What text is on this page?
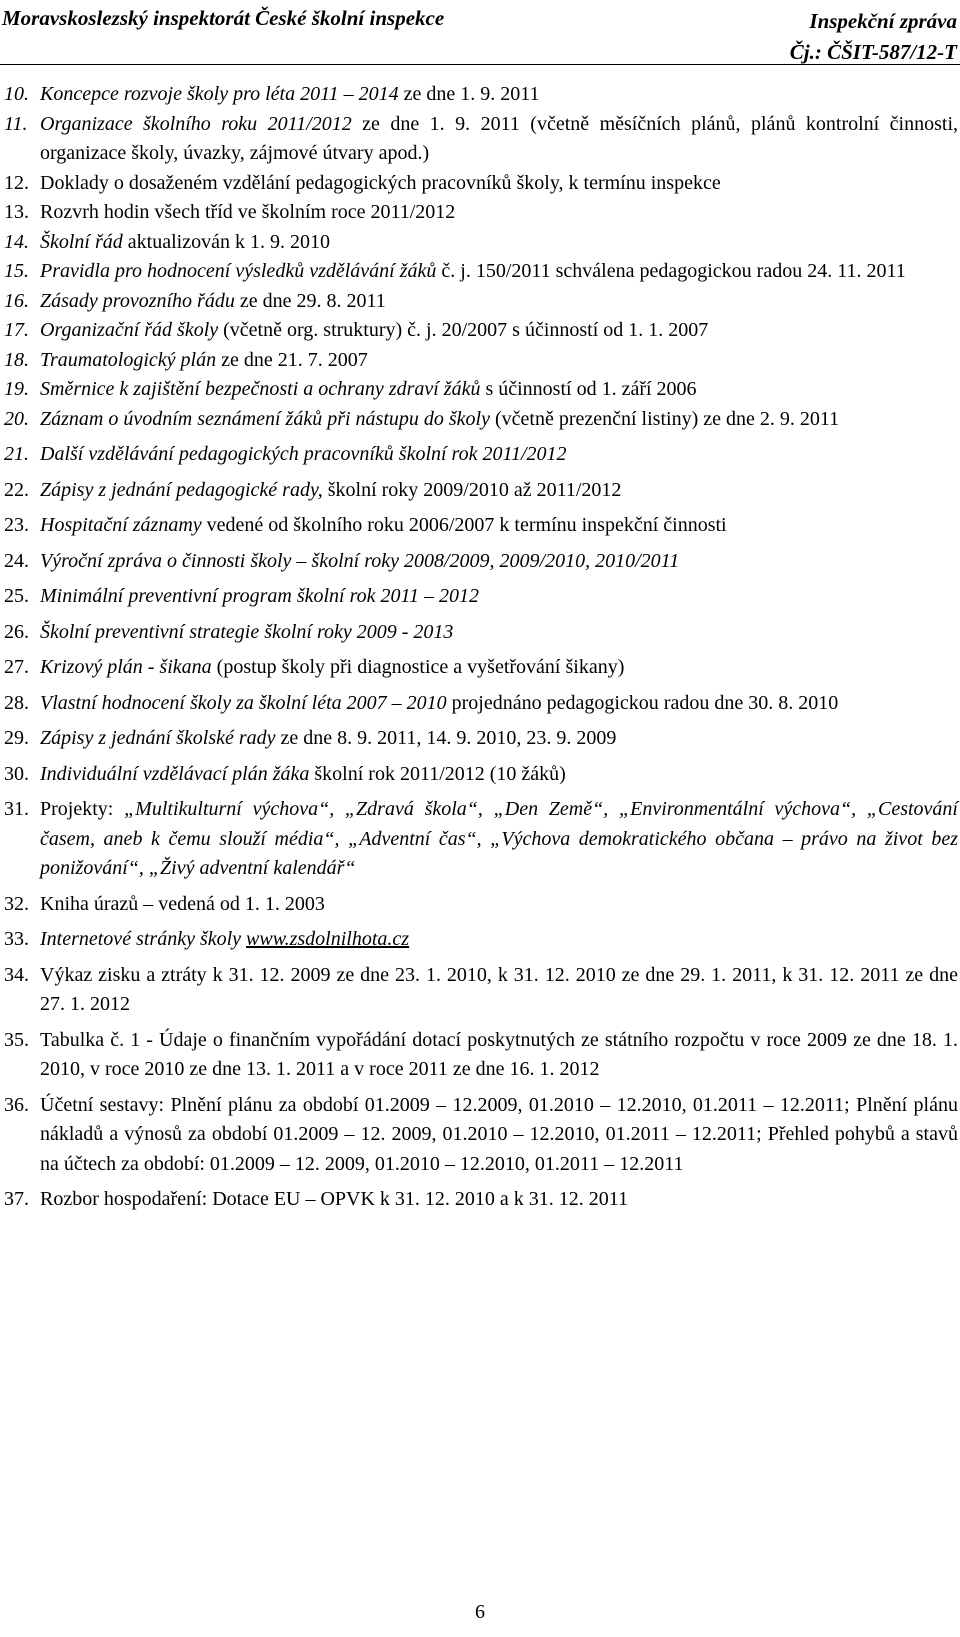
Moravskoslezský inspektorát České školní inspekce	Inspekční zpráva
Čj.: ČŠIT-587/12-T
10. Koncepce rozvoje školy pro léta 2011 – 2014 ze dne 1. 9. 2011
11. Organizace školního roku 2011/2012 ze dne 1. 9. 2011 (včetně měsíčních plánů, plánů kontrolní činnosti, organizace školy, úvazky, zájmové útvary apod.)
12. Doklady o dosaženém vzdělání pedagogických pracovníků školy, k termínu inspekce
13. Rozvrh hodin všech tříd ve školním roce 2011/2012
14. Školní řád aktualizován k 1. 9. 2010
15. Pravidla pro hodnocení výsledků vzdělávání žáků č. j. 150/2011 schválena pedagogickou radou 24. 11. 2011
16. Zásady provozního řádu ze dne 29. 8. 2011
17. Organizační řád školy (včetně org. struktury) č. j. 20/2007 s účinností od 1. 1. 2007
18. Traumatologický plán ze dne 21. 7. 2007
19. Směrnice k zajištění bezpečnosti a ochrany zdraví žáků s účinností od 1. září 2006
20. Záznam o úvodním seznámení žáků při nástupu do školy (včetně prezenční listiny) ze dne 2. 9. 2011
21. Další vzdělávání pedagogických pracovníků školní rok 2011/2012
22. Zápisy z jednání pedagogické rady, školní roky 2009/2010 až 2011/2012
23. Hospitační záznamy vedené od školního roku 2006/2007 k termínu inspekční činnosti
24. Výroční zpráva o činnosti školy – školní roky 2008/2009, 2009/2010, 2010/2011
25. Minimální preventivní program školní rok 2011 – 2012
26. Školní preventivní strategie školní roky 2009 - 2013
27. Krizový plán - šikana (postup školy při diagnostice a vyšetřování šikany)
28. Vlastní hodnocení školy za školní léta 2007 – 2010 projednáno pedagogickou radou dne 30. 8. 2010
29. Zápisy z jednání školské rady ze dne 8. 9. 2011, 14. 9. 2010, 23. 9. 2009
30. Individuální vzdělávací plán žáka školní rok 2011/2012 (10 žáků)
31. Projekty: „Multikulturní výchova“, „Zdravá škola“, „Den Země“, „Environmentální výchova“, „Cestování časem, aneb k čemu slouží média“, „Adventní čas“, „Výchova demokratického občana – právo na život bez ponižování“, „Živý adventní kalendář“
32. Kniha úrazů – vedená od 1. 1. 2003
33. Internetové stránky školy www.zsdolnilhota.cz
34. Výkaz zisku a ztráty k 31. 12. 2009 ze dne 23. 1. 2010, k 31. 12. 2010 ze dne 29. 1. 2011, k 31. 12. 2011 ze dne 27. 1. 2012
35. Tabulka č. 1 - Údaje o finančním vypořádání dotací poskytnutých ze státního rozpočtu v roce 2009 ze dne 18. 1. 2010, v roce 2010 ze dne 13. 1. 2011 a v roce 2011 ze dne 16. 1. 2012
36. Účetní sestavy: Plnění plánu za období 01.2009 – 12.2009, 01.2010 – 12.2010, 01.2011 – 12.2011; Plnění plánu nákladů a výnosů za období 01.2009 – 12. 2009, 01.2010 – 12.2010, 01.2011 – 12.2011; Přehled pohybů a stavů na účtech za období: 01.2009 – 12. 2009, 01.2010 – 12.2010, 01.2011 – 12.2011
37. Rozbor hospodaření: Dotace EU – OPVK k 31. 12. 2010 a k 31. 12. 2011
6
